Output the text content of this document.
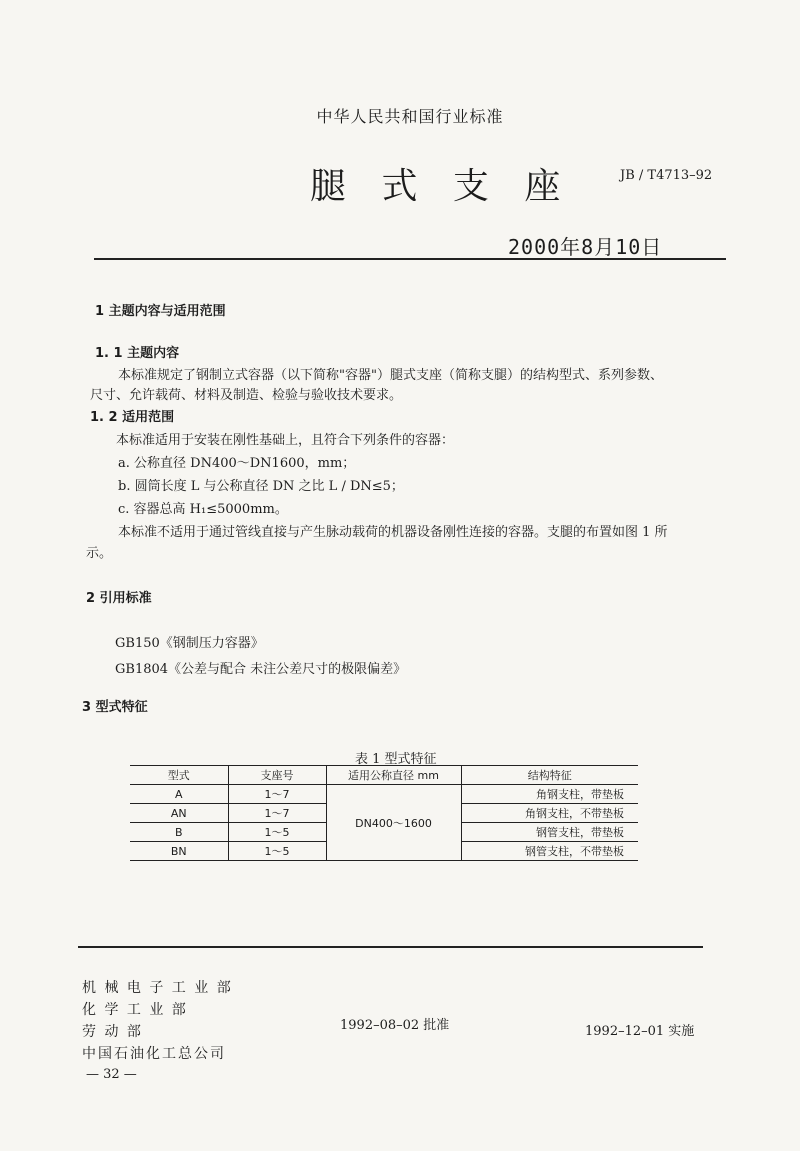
中华人民共和国行业标准
腿 式 支 座	JB / T4713–92
2000年8月10日
1 主题内容与适用范围
1. 1 主题内容
本标准规定了钢制立式容器（以下简称"容器"）腿式支座（简称支腿）的结构型式、系列参数、
尺寸、允许载荷、材料及制造、检验与验收技术要求。
1. 2 适用范围
本标准适用于安装在刚性基础上，且符合下列条件的容器：
a. 公称直径 DN400～DN1600，mm；
b. 圆筒长度 L 与公称直径 DN 之比 L / DN≤5；
c. 容器总高 H₁≤5000mm。
本标准不适用于通过管线直接与产生脉动载荷的机器设备刚性连接的容器。支腿的布置如图 1 所
示。
2 引用标准
GB150《钢制压力容器》
GB1804《公差与配合 未注公差尺寸的极限偏差》
3 型式特征
表 1 型式特征
型式	支座号	适用公称直径 mm	结构特征
A	1～7	DN400～1600	角钢支柱，带垫板
AN	1～7		角钢支柱，不带垫板
B	1～5		钢管支柱，带垫板
BN	1～5		钢管支柱，不带垫板
机 械 电 子 工 业 部
化 学 工 业 部
劳 动 部
中国石油化工总公司
1992–08–02 批准	1992–12–01 实施
— 32 —
